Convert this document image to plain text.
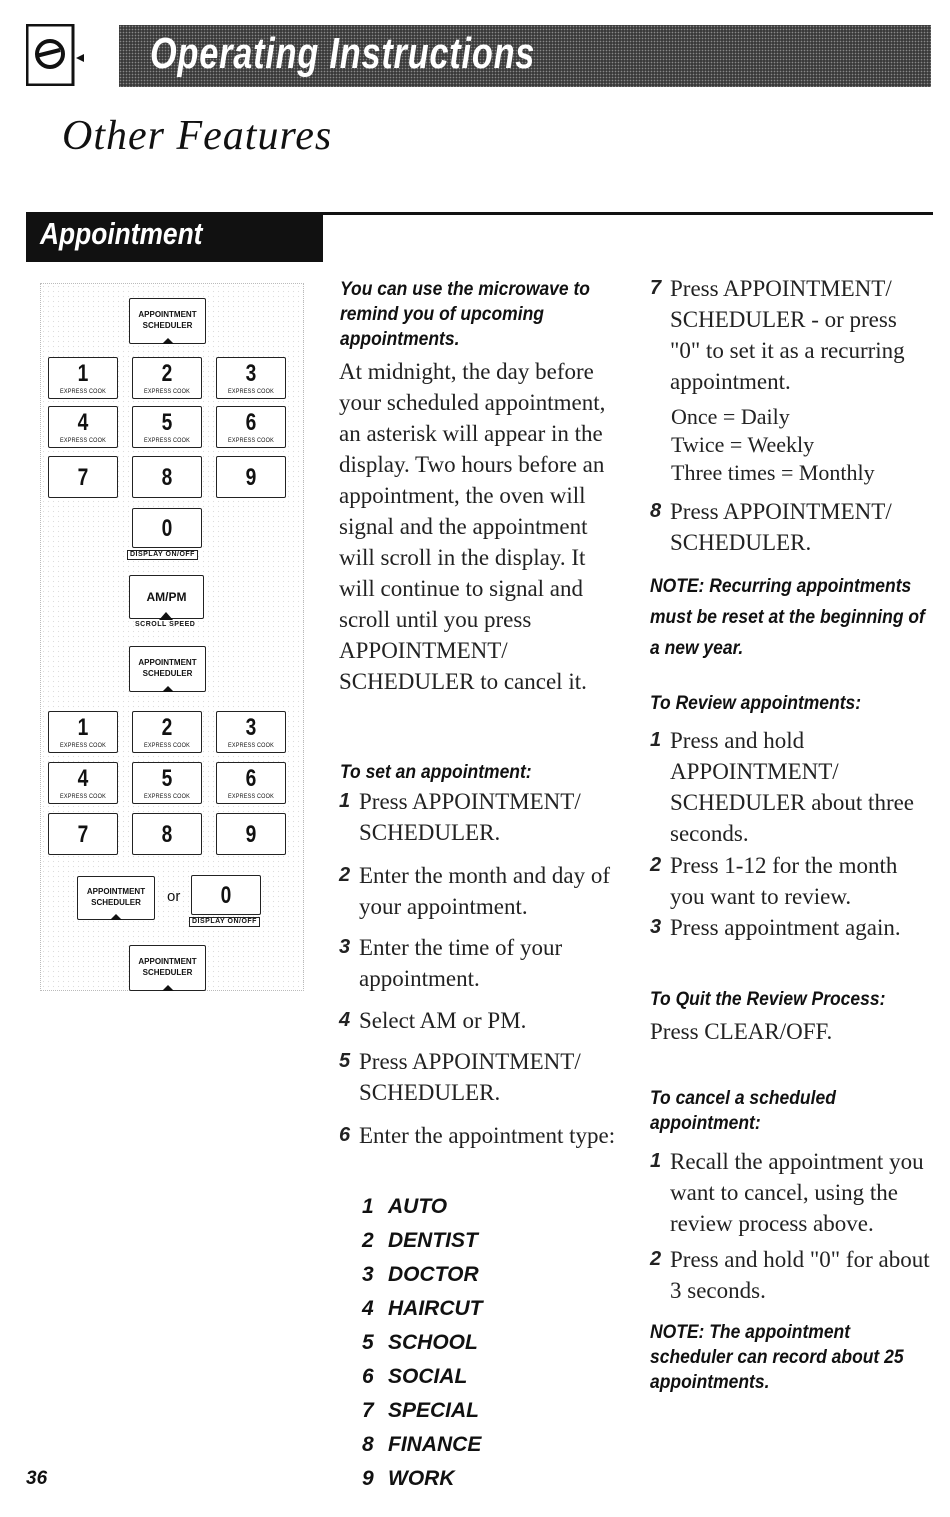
Operating Instructions
Other Features
Appointment
APPOINTMENT
SCHEDULER
1
EXPRESS COOK
2
EXPRESS COOK
3
EXPRESS COOK
4
EXPRESS COOK
5
EXPRESS COOK
6
EXPRESS COOK
7	8	9
0
DISPLAY ON/OFF
AM/PM
SCROLL SPEED
APPOINTMENT
SCHEDULER
1
EXPRESS COOK
2
EXPRESS COOK
3
EXPRESS COOK
4
EXPRESS COOK
5
EXPRESS COOK
6
EXPRESS COOK
7	8	9
APPOINTMENT
SCHEDULER	or	0
DISPLAY ON/OFF
APPOINTMENT
SCHEDULER
You can use the microwave to remind you of upcoming appointments.
At midnight, the day before your scheduled appointment, an asterisk will appear in the display. Two hours before an appointment, the oven will signal and the appointment will scroll in the display. It will continue to signal and scroll until you press APPOINTMENT/ SCHEDULER to cancel it.
To set an appointment:
1 Press APPOINTMENT/ SCHEDULER.
2 Enter the month and day of your appointment.
3 Enter the time of your appointment.
4 Select AM or PM.
5 Press APPOINTMENT/ SCHEDULER.
6 Enter the appointment type:
1 AUTO
2 DENTIST
3 DOCTOR
4 HAIRCUT
5 SCHOOL
6 SOCIAL
7 SPECIAL
8 FINANCE
9 WORK
7 Press APPOINTMENT/ SCHEDULER - or press "0" to set it as a recurring appointment.
Once = Daily
Twice = Weekly
Three times = Monthly
8 Press APPOINTMENT/ SCHEDULER.
NOTE: Recurring appointments must be reset at the beginning of a new year.
To Review appointments:
1 Press and hold APPOINTMENT/ SCHEDULER about three seconds.
2 Press 1-12 for the month you want to review.
3 Press appointment again.
To Quit the Review Process:
Press CLEAR/OFF.
To cancel a scheduled appointment:
1 Recall the appointment you want to cancel, using the review process above.
2 Press and hold "0" for about 3 seconds.
NOTE: The appointment scheduler can record about 25 appointments.
36
